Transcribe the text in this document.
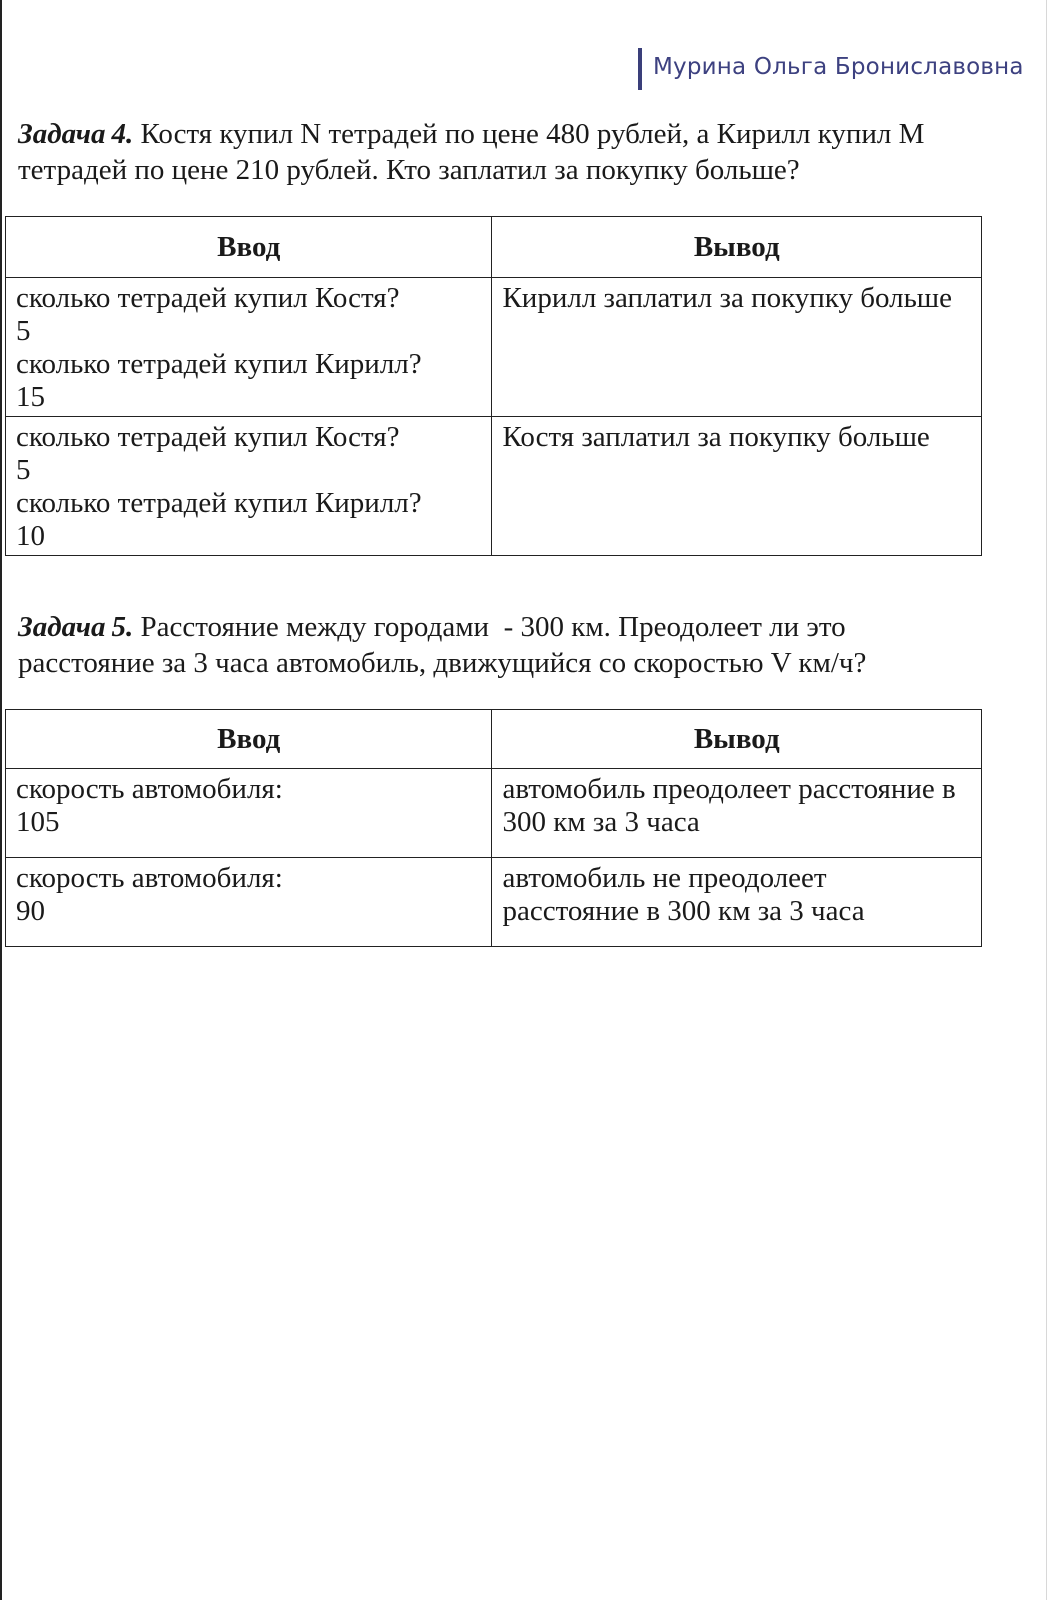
Мурина Ольга Брониславовна
Задача 4. Костя купил N тетрадей по цене 480 рублей, а Кирилл купил M
тетрадей по цене 210 рублей. Кто заплатил за покупку больше?
Ввод	Вывод

сколько тетрадей купил Костя?
5
сколько тетрадей купил Кирилл?
15	Кирилл заплатил за покупку больше

сколько тетрадей купил Костя?
5
сколько тетрадей купил Кирилл?
10	Костя заплатил за покупку больше
Задача 5. Расстояние между городами  - 300 км. Преодолеет ли это
расстояние за 3 часа автомобиль, движущийся со скоростью V км/ч?
Ввод	Вывод

скорость автомобиля:
105	автомобиль преодолеет расстояние в
300 км за 3 часа

скорость автомобиля:
90	автомобиль не преодолеет
расстояние в 300 км за 3 часа
